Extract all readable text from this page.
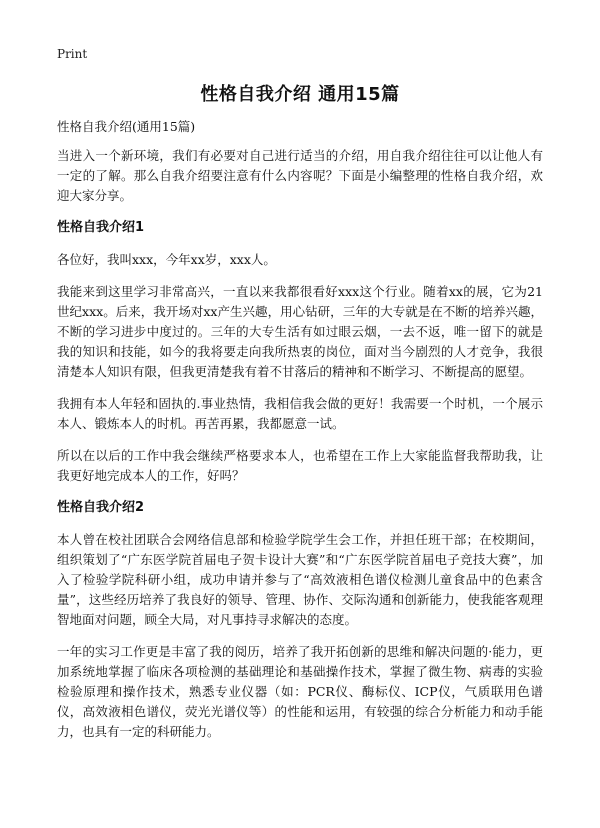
Print
性格自我介绍 通用15篇
性格自我介绍(通用15篇)

当进入一个新环境，我们有必要对自己进行适当的介绍，用自我介绍往往可以让他人有一定的了解。那么自我介绍要注意有什么内容呢？下面是小编整理的性格自我介绍，欢迎大家分享。

性格自我介绍1

各位好，我叫xxx，今年xx岁，xxx人。

我能来到这里学习非常高兴，一直以来我都很看好xxx这个行业。随着xx的展，它为21世纪xxx。后来，我开场对xx产生兴趣，用心钻研，三年的大专就是在不断的培养兴趣，不断的学习进步中度过的。三年的大专生活有如过眼云烟，一去不返，唯一留下的就是我的知识和技能，如今的我将要走向我所热衷的岗位，面对当今剧烈的人才竞争，我很清楚本人知识有限，但我更清楚我有着不甘落后的精神和不断学习、不断提高的愿望。

我拥有本人年轻和固执的.事业热情，我相信我会做的更好！我需要一个时机，一个展示本人、锻炼本人的时机。再苦再累，我都愿意一试。

所以在以后的工作中我会继续严格要求本人，也希望在工作上大家能监督我帮助我，让我更好地完成本人的工作，好吗？

性格自我介绍2

本人曾在校社团联合会网络信息部和检验学院学生会工作，并担任班干部；在校期间，组织策划了“广东医学院首届电子贺卡设计大赛”和“广东医学院首届电子竞技大赛”，加入了检验学院科研小组，成功申请并参与了“高效液相色谱仪检测儿童食品中的色素含量”，这些经历培养了我良好的领导、管理、协作、交际沟通和创新能力，使我能客观理智地面对问题，顾全大局，对凡事持寻求解决的态度。

一年的实习工作更是丰富了我的阅历，培养了我开拓创新的思维和解决问题的·能力，更加系统地掌握了临床各项检测的基础理论和基础操作技术，掌握了微生物、病毒的实验检验原理和操作技术，熟悉专业仪器（如：PCR仪、酶标仪、ICP仪，气质联用色谱仪，高效液相色谱仪，荧光光谱仪等）的性能和运用，有较强的综合分析能力和动手能力，也具有一定的科研能力。
